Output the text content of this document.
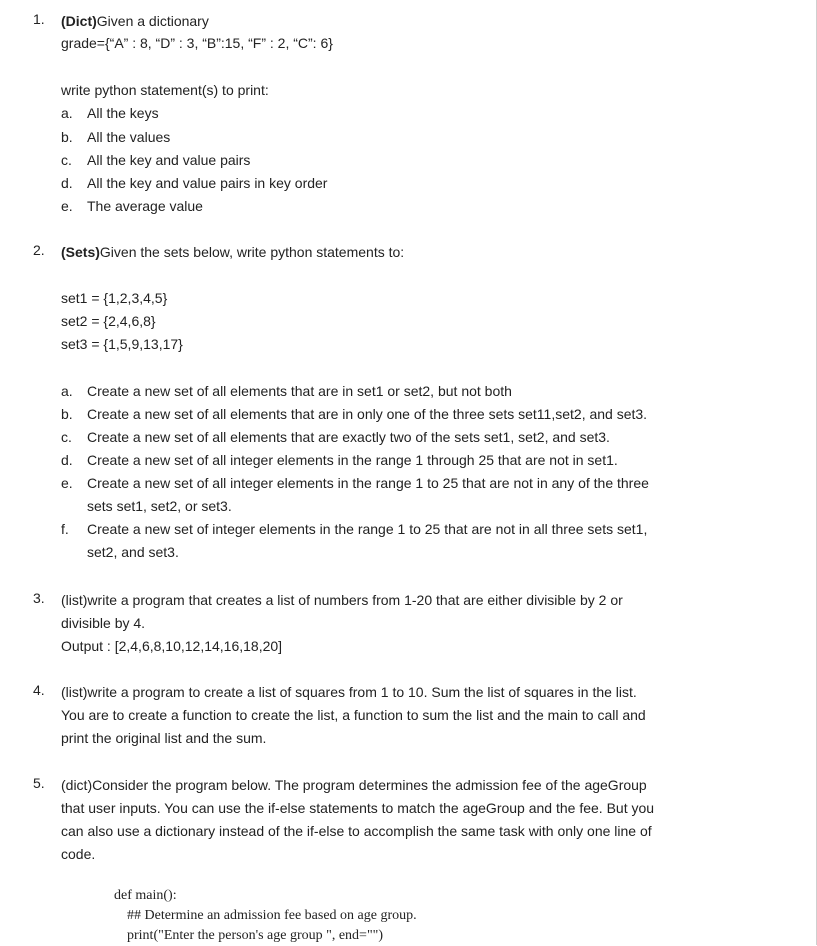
1. (Dict)Given a dictionary
grade={“A” : 8, “D” : 3, “B”:15, “F” : 2, “C”: 6}
write python statement(s) to print:
a. All the keys
b. All the values
c. All the key and value pairs
d. All the key and value pairs in key order
e. The average value
2. (Sets)Given the sets below, write python statements to:
set1 = {1,2,3,4,5}
set2 = {2,4,6,8}
set3 = {1,5,9,13,17}
a. Create a new set of all elements that are in set1 or set2, but not both
b. Create a new set of all elements that are in only one of the three sets set11,set2, and set3.
c. Create a new set of all elements that are exactly two of the sets set1, set2, and set3.
d. Create a new set of all integer elements in the range 1 through 25 that are not in set1.
e. Create a new set of all integer elements in the range 1 to 25 that are not in any of the three
sets set1, set2, or set3.
f. Create a new set of integer elements in the range 1 to 25 that are not in all three sets set1,
set2, and set3.
3. (list)write a program that creates a list of numbers from 1-20 that are either divisible by 2 or
divisible by 4.
Output : [2,4,6,8,10,12,14,16,18,20]
4. (list)write a program to create a list of squares from 1 to 10. Sum the list of squares in the list.
You are to create a function to create the list, a function to sum the list and the main to call and
print the original list and the sum.
5. (dict)Consider the program below. The program determines the admission fee of the ageGroup
that user inputs. You can use the if-else statements to match the ageGroup and the fee. But you
can also use a dictionary instead of the if-else to accomplish the same task with only one line of
code.
def main():
## Determine an admission fee based on age group.
print("Enter the person's age group ", end="")
